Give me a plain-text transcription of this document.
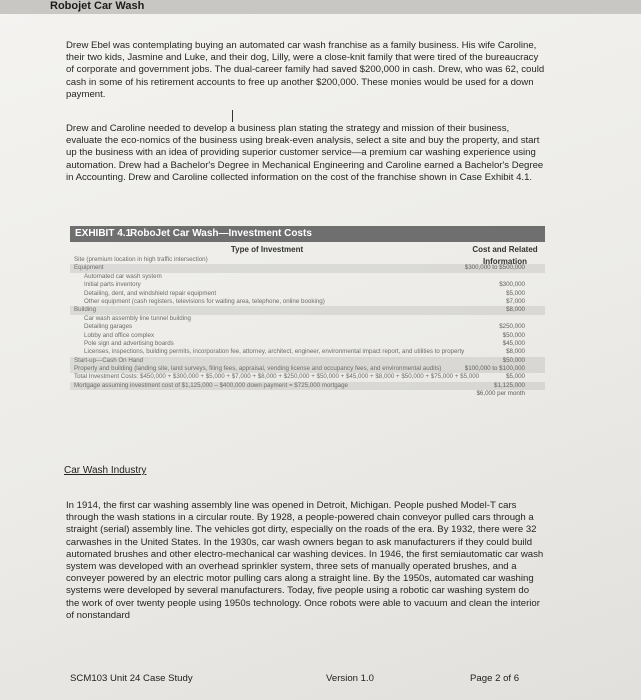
Robojet Car Wash
Drew Ebel was contemplating buying an automated car wash franchise as a family business. His wife Caroline, their two kids, Jasmine and Luke, and their dog, Lilly, were a close-knit family that were tired of the bureaucracy of corporate and government jobs. The dual-career family had saved $200,000 in cash. Drew, who was 62, could cash in some of his retirement accounts to free up another $200,000. These monies would be used for a down payment.
Drew and Caroline needed to develop a business plan stating the strategy and mission of their business, evaluate the eco-nomics of the business using break-even analysis, select a site and buy the property, and start up the business with an idea of providing superior customer service—a premium car washing experience using automation. Drew had a Bachelor's Degree in Mechanical Engineering and Caroline earned a Bachelor's Degree in Accounting. Drew and Caroline collected information on the cost of the franchise shown in Case Exhibit 4.1.
EXHIBIT 4.1
RoboJet Car Wash—Investment Costs
Type of Investment	Cost and Related Information
Site (premium location in high traffic intersection)
Equipment	$300,000 to $500,000
Automated car wash system
Initial parts inventory	$300,000
Detailing, dent, and windshield repair equipment	$5,000
Other equipment (cash registers, televisions for waiting area, telephone, online booking)	$7,000
Building	$8,000
Car wash assembly line tunnel building
Detailing garages	$250,000
Lobby and office complex	$50,000
Pole sign and advertising boards	$45,000
Licenses, inspections, building permits, incorporation fee, attorney, architect, engineer, environmental impact report, and utilities to property	$8,000
Start-up—Cash On Hand	$50,000
Property and building (landing site, land surveys, filing fees, appraisal, vending license and occupancy fees, and environmental audits)	$100,000 to $100,000
Total Investment Costs: $450,000 + $300,000 + $5,000 + $7,000 + $8,000 + $250,000 + $50,000 + $45,000 + $8,000 + $50,000 + $75,000 + $5,000	$5,000
Mortgage assuming investment cost of $1,125,000 – $400,000 down payment = $725,000 mortgage	$1,125,000
$6,000 per month
Car Wash Industry
In 1914, the first car washing assembly line was opened in Detroit, Michigan. People pushed Model-T cars through the wash stations in a circular route. By 1928, a people-powered chain conveyor pulled cars through a straight (serial) assembly line. The vehicles got dirty, especially on the roads of the era. By 1932, there were 32 carwashes in the United States. In the 1930s, car wash owners began to ask manufacturers if they could build automated brushes and other electro-mechanical car washing devices. In 1946, the first semiautomatic car wash system was developed with an overhead sprinkler system, three sets of manually operated brushes, and a conveyer powered by an electric motor pulling cars along a straight line. By the 1950s, automated car washing systems were developed by several manufacturers. Today, five people using a robotic car washing system do the work of over twenty people using 1950s technology. Once robots were able to vacuum and clean the interior of nonstandard
SCM103 Unit 24 Case Study	Version 1.0	Page 2 of 6
